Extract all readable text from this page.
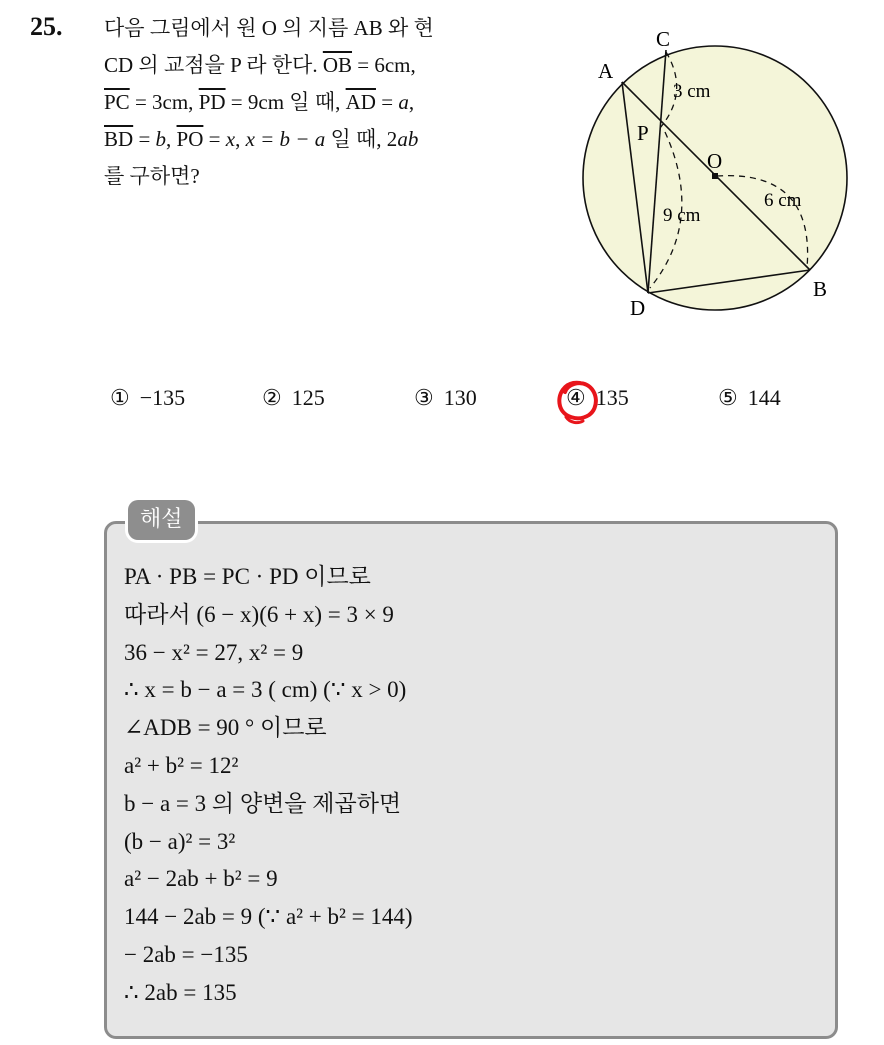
25. 다음 그림에서 원 O 의 지름 AB 와 현
CD 의 교점을 P 라 한다. $\overline{OB} = 6cm$,
$\overline{PC} = 3cm$, $\overline{PD} = 9cm$ 일 때, $\overline{AD} = a$,
$\overline{BD} = b$, $\overline{PO} = x$, x = b − a 일 때, 2ab
를 구하면?
A
C
P
O
B
D
3 cm
9 cm
6 cm
① −135	② 125	③ 130	④ 135	⑤ 144
해설
PA · PB = PC · PD 이므로
따라서 (6 − x)(6 + x) = 3 × 9
36 − x² = 27, x² = 9
∴ x = b − a = 3 ( cm) (∵ x > 0)
∠ADB = 90 ° 이므로
a² + b² = 12²
b − a = 3 의 양변을 제곱하면
(b − a)² = 3²
a² − 2ab + b² = 9
144 − 2ab = 9 (∵ a² + b² = 144)
− 2ab = −135
∴ 2ab = 135
